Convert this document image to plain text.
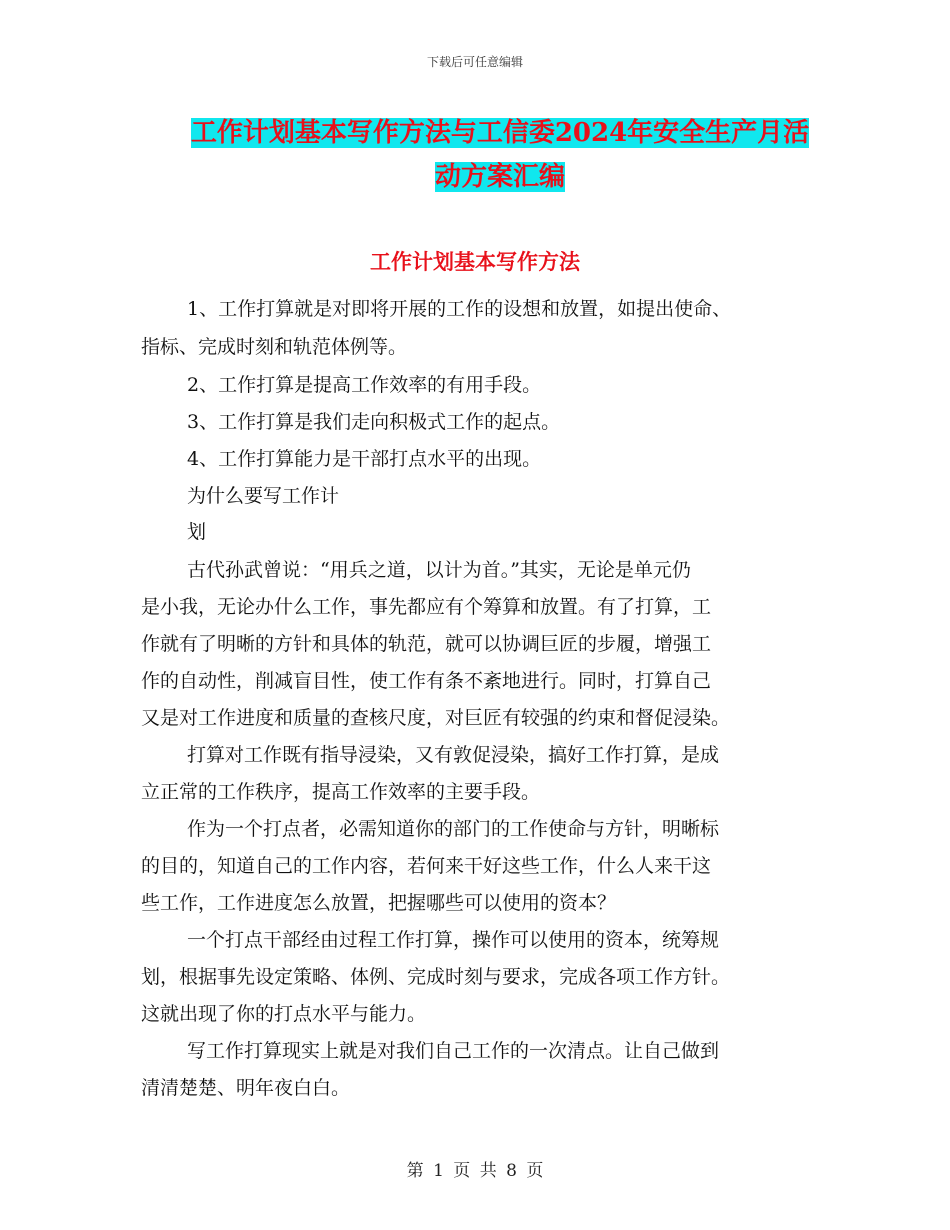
下载后可任意编辑
工作计划基本写作方法与工信委2024年安全生产月活
动方案汇编
工作计划基本写作方法
1、工作打算就是对即将开展的工作的设想和放置，如提出使命、
指标、完成时刻和轨范体例等。
2、工作打算是提高工作效率的有用手段。
3、工作打算是我们走向积极式工作的起点。
4、工作打算能力是干部打点水平的出现。
为什么要写工作计
划
古代孙武曾说：“用兵之道，以计为首。”其实，无论是单元仍
是小我，无论办什么工作，事先都应有个筹算和放置。有了打算，工
作就有了明晰的方针和具体的轨范，就可以协调巨匠的步履，增强工
作的自动性，削减盲目性，使工作有条不紊地进行。同时，打算自己
又是对工作进度和质量的查核尺度，对巨匠有较强的约束和督促浸染。
打算对工作既有指导浸染，又有敦促浸染，搞好工作打算，是成
立正常的工作秩序，提高工作效率的主要手段。
作为一个打点者，必需知道你的部门的工作使命与方针，明晰标
的目的，知道自己的工作内容，若何来干好这些工作，什么人来干这
些工作，工作进度怎么放置，把握哪些可以使用的资本？
一个打点干部经由过程工作打算，操作可以使用的资本，统筹规
划，根据事先设定策略、体例、完成时刻与要求，完成各项工作方针。
这就出现了你的打点水平与能力。
写工作打算现实上就是对我们自己工作的一次清点。让自己做到
清清楚楚、明年夜白白。
第 1 页 共 8 页
